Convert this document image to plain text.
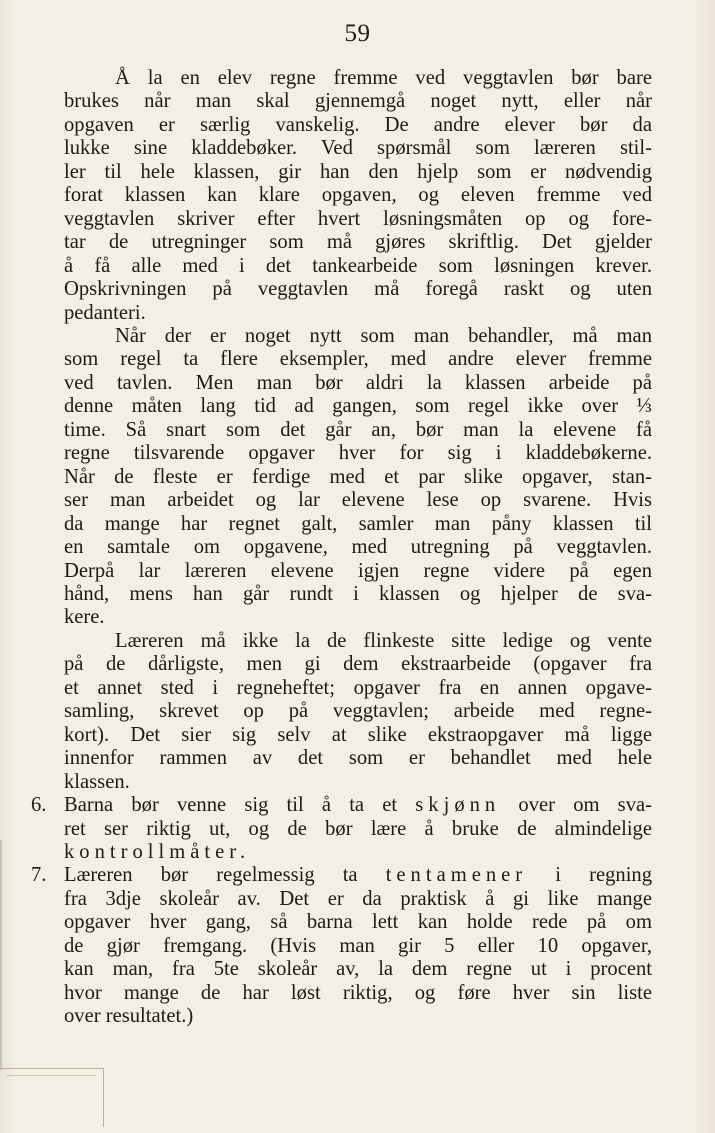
59

Å la en elev regne fremme ved veggtavlen bør bare
brukes når man skal gjennemgå noget nytt, eller når
opgaven er særlig vanskelig. De andre elever bør da
lukke sine kladdebøker. Ved spørsmål som læreren stil-
ler til hele klassen, gir han den hjelp som er nødvendig
forat klassen kan klare opgaven, og eleven fremme ved
veggtavlen skriver efter hvert løsningsmåten op og fore-
tar de utregninger som må gjøres skriftlig. Det gjelder
å få alle med i det tankearbeide som løsningen krever.
Opskrivningen på veggtavlen må foregå raskt og uten
pedanteri.

Når der er noget nytt som man behandler, må man
som regel ta flere eksempler, med andre elever fremme
ved tavlen. Men man bør aldri la klassen arbeide på
denne måten lang tid ad gangen, som regel ikke over ⅓
time. Så snart som det går an, bør man la elevene få
regne tilsvarende opgaver hver for sig i kladdebøkerne.
Når de fleste er ferdige med et par slike opgaver, stan-
ser man arbeidet og lar elevene lese op svarene. Hvis
da mange har regnet galt, samler man påny klassen til
en samtale om opgavene, med utregning på veggtavlen.
Derpå lar læreren elevene igjen regne videre på egen
hånd, mens han går rundt i klassen og hjelper de sva-
kere.

Læreren må ikke la de flinkeste sitte ledige og vente
på de dårligste, men gi dem ekstraarbeide (opgaver fra
et annet sted i regneheftet; opgaver fra en annen opgave-
samling, skrevet op på veggtavlen; arbeide med regne-
kort). Det sier sig selv at slike ekstraopgaver må ligge
innenfor rammen av det som er behandlet med hele
klassen.

6. Barna bør venne sig til å ta et skjønn over om sva-
ret ser riktig ut, og de bør lære å bruke de almindelige
kontrollmåter.
7. Læreren bør regelmessig ta tentamener i regning
fra 3dje skoleår av. Det er da praktisk å gi like mange
opgaver hver gang, så barna lett kan holde rede på om
de gjør fremgang. (Hvis man gir 5 eller 10 opgaver,
kan man, fra 5te skoleår av, la dem regne ut i procent
hvor mange de har løst riktig, og føre hver sin liste
over resultatet.)
